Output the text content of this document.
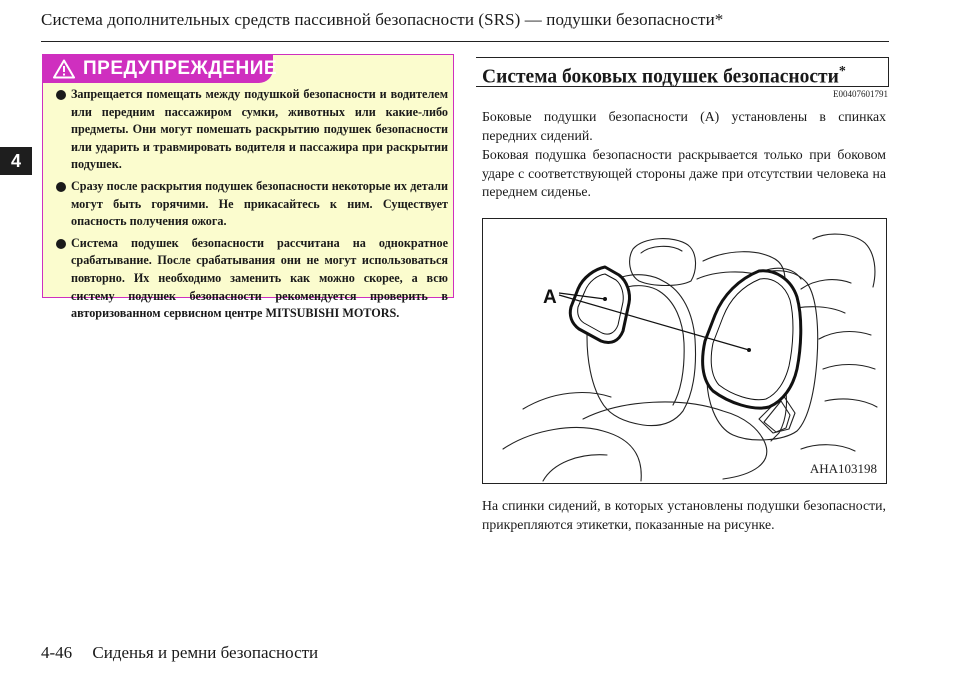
Система дополнительных средств пассивной безопасности (SRS) — подушки безопасности*
4
ПРЕДУПРЕЖДЕНИЕ
Запрещается помещать между подушкой безопасности и водителем или передним пассажиром сумки, животных или какие-либо предметы. Они могут помешать раскрытию подушек безопасности или ударить и травмировать водителя и пассажира при раскрытии подушек.
Сразу после раскрытия подушек безопасности некоторые их детали могут быть горячими. Не прикасайтесь к ним. Существует опасность получения ожога.
Система подушек безопасности рассчитана на однократное срабатывание. После срабатывания они не могут использоваться повторно. Их необходимо заменить как можно скорее, а всю систему подушек безопасности рекомендуется проверить в авторизованном сервисном центре MITSUBISHI MOTORS.
Система боковых подушек безопасности*
E00407601791

Боковые подушки безопасности (A) установлены в спинках передних сидений.

Боковая подушка безопасности раскрывается только при боковом ударе с соответствующей стороны даже при отсутствии человека на переднем сиденье.

A
AHA103198

На спинки сидений, в которых установлены подушки безопасности, прикрепляются этикетки, показанные на рисунке.

4-46 Сиденья и ремни безопасности
